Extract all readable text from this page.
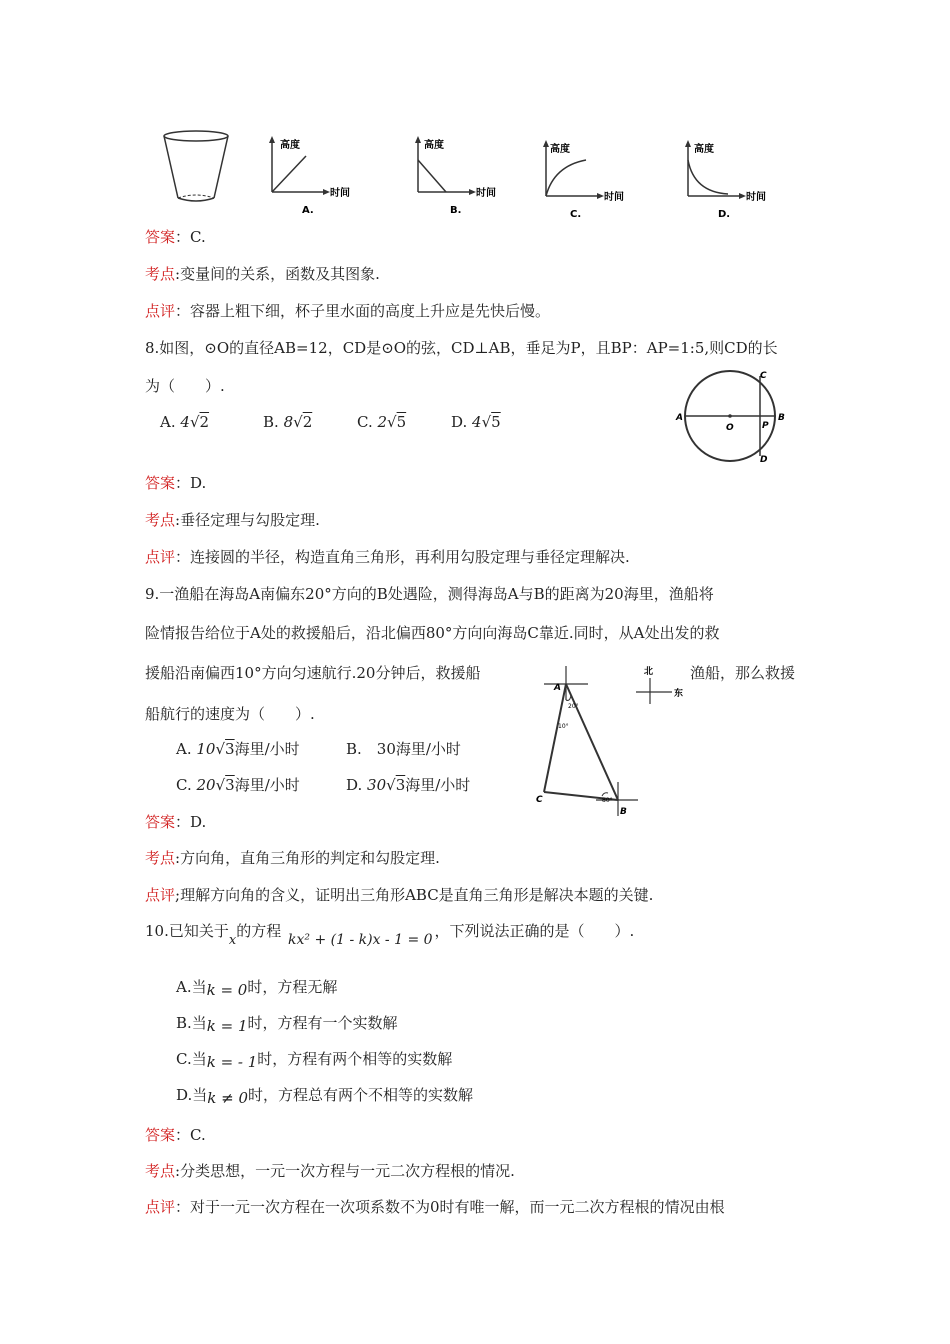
高度
时间
A.
高度
时间
B.
高度
时间
C.
高度
时间
D.
答案：C.
考点:变量间的关系，函数及其图象.
点评：容器上粗下细，杯子里水面的高度上升应是先快后慢。
8.如图，⊙O的直径AB=12，CD是⊙O的弦，CD⊥AB，垂足为P，且BP：AP=1:5,则CD的长
为（　　）.
A. 4√2	B. 8√2	C. 2√5	D. 4√5	A	B
C
D
O	P
答案：D.
考点:垂径定理与勾股定理.
点评：连接圆的半径，构造直角三角形，再利用勾股定理与垂径定理解决.
9.一渔船在海岛A南偏东20°方向的B处遇险，测得海岛A与B的距离为20海里，渔船将
险情报告给位于A处的救援船后，沿北偏西80°方向向海岛C靠近.同时，从A处出发的救
援船沿南偏西10°方向匀速航行.20分钟后，救援船	渔船，那么救援
船航行的速度为（　　）.
A. 10√3海里/小时	B.　30海里/小时
C. 20√3海里/小时	D. 30√3海里/小时
A
B
C
20°
10°
80°
北
东
答案：D.
考点:方向角，直角三角形的判定和勾股定理.
点评;理解方向角的含义，证明出三角形ABC是直角三角形是解决本题的关键.
10.已知关于x的方程 kx² + (1 - k)x - 1 = 0 ，下列说法正确的是（　　）.
A.当k = 0时，方程无解
B.当k = 1时，方程有一个实数解
C.当k = - 1时，方程有两个相等的实数解
D.当k ≠ 0时，方程总有两个不相等的实数解
答案：C.
考点:分类思想，一元一次方程与一元二次方程根的情况.
点评：对于一元一次方程在一次项系数不为0时有唯一解，而一元二次方程根的情况由根
